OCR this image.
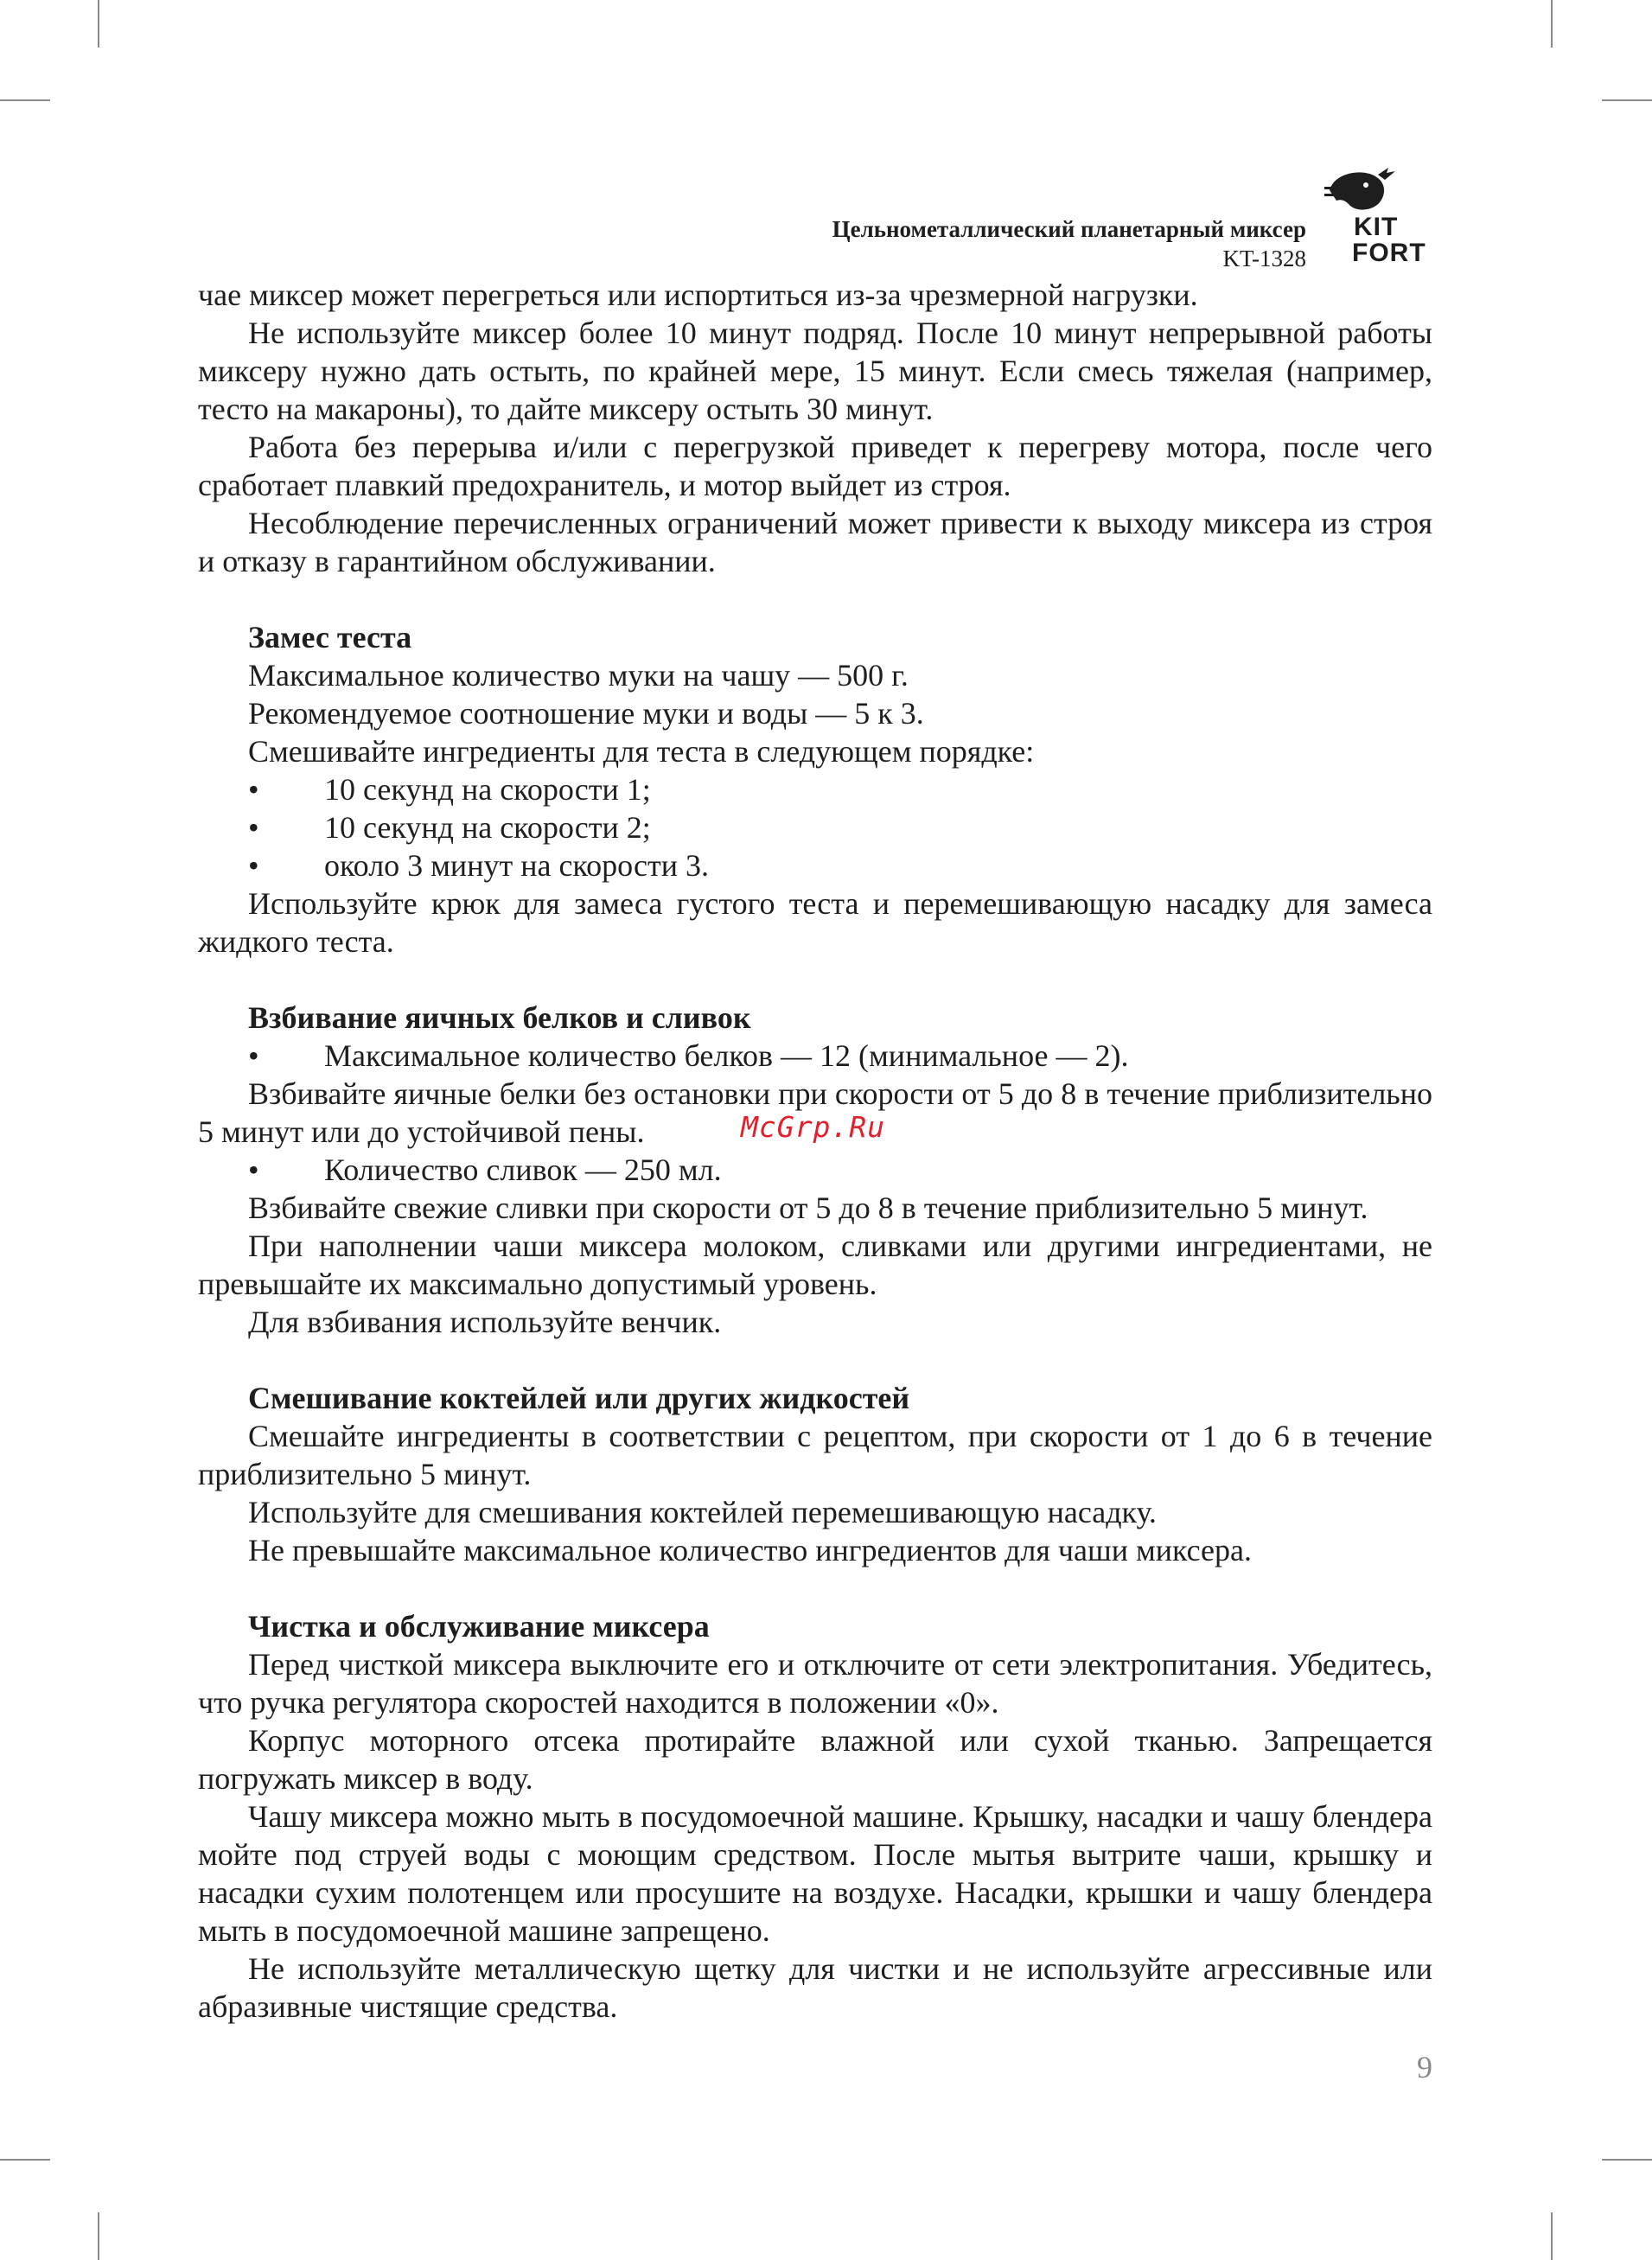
Цельнометаллический планетарный миксер
KT-1328
KIT
FORT

чае миксер может перегреться или испортиться из-за чрезмерной нагрузки.

Не используйте миксер более 10 минут подряд. После 10 минут непрерывной работы миксеру нужно дать остыть, по крайней мере, 15 минут. Если смесь тяжелая (например, тесто на макароны), то дайте миксеру остыть 30 минут.

Работа без перерыва и/или с перегрузкой приведет к перегреву мотора, после чего сработает плавкий предохранитель, и мотор выйдет из строя.

Несоблюдение перечисленных ограничений может привести к выходу миксера из строя и отказу в гарантийном обслуживании.

Замес теста

Максимальное количество муки на чашу — 500 г.

Рекомендуемое соотношение муки и воды — 5 к 3.

Смешивайте ингредиенты для теста в следующем порядке:

•	10 секунд на скорости 1;
•	10 секунд на скорости 2;
•	около 3 минут на скорости 3.

Используйте крюк для замеса густого теста и перемешивающую насадку для замеса жидкого теста.

Взбивание яичных белков и сливок
•	Максимальное количество белков — 12 (минимальное — 2).

Взбивайте яичные белки без остановки при скорости от 5 до 8 в течение приблизительно 5 минут или до устойчивой пены.

•	Количество сливок — 250 мл.

Взбивайте свежие сливки при скорости от 5 до 8 в течение приблизительно 5 минут.

При наполнении чаши миксера молоком, сливками или другими ингредиентами, не превышайте их максимально допустимый уровень.

Для взбивания используйте венчик.

Смешивание коктейлей или других жидкостей

Смешайте ингредиенты в соответствии с рецептом, при скорости от 1 до 6 в течение приблизительно 5 минут.

Используйте для смешивания коктейлей перемешивающую насадку.

Не превышайте максимальное количество ингредиентов для чаши миксера.

Чистка и обслуживание миксера

Перед чисткой миксера выключите его и отключите от сети электропитания. Убедитесь, что ручка регулятора скоростей находится в положении «0».

Корпус моторного отсека протирайте влажной или сухой тканью. Запрещается погружать миксер в воду.

Чашу миксера можно мыть в посудомоечной машине. Крышку, насадки и чашу блендера мойте под струей воды с моющим средством. После мытья вытрите чаши, крышку и насадки сухим полотенцем или просушите на воздухе. Насадки, крышки и чашу блендера мыть в посудомоечной машине запрещено.

Не используйте металлическую щетку для чистки и не используйте агрессивные или абразивные чистящие средства.

McGrp.Ru
9
